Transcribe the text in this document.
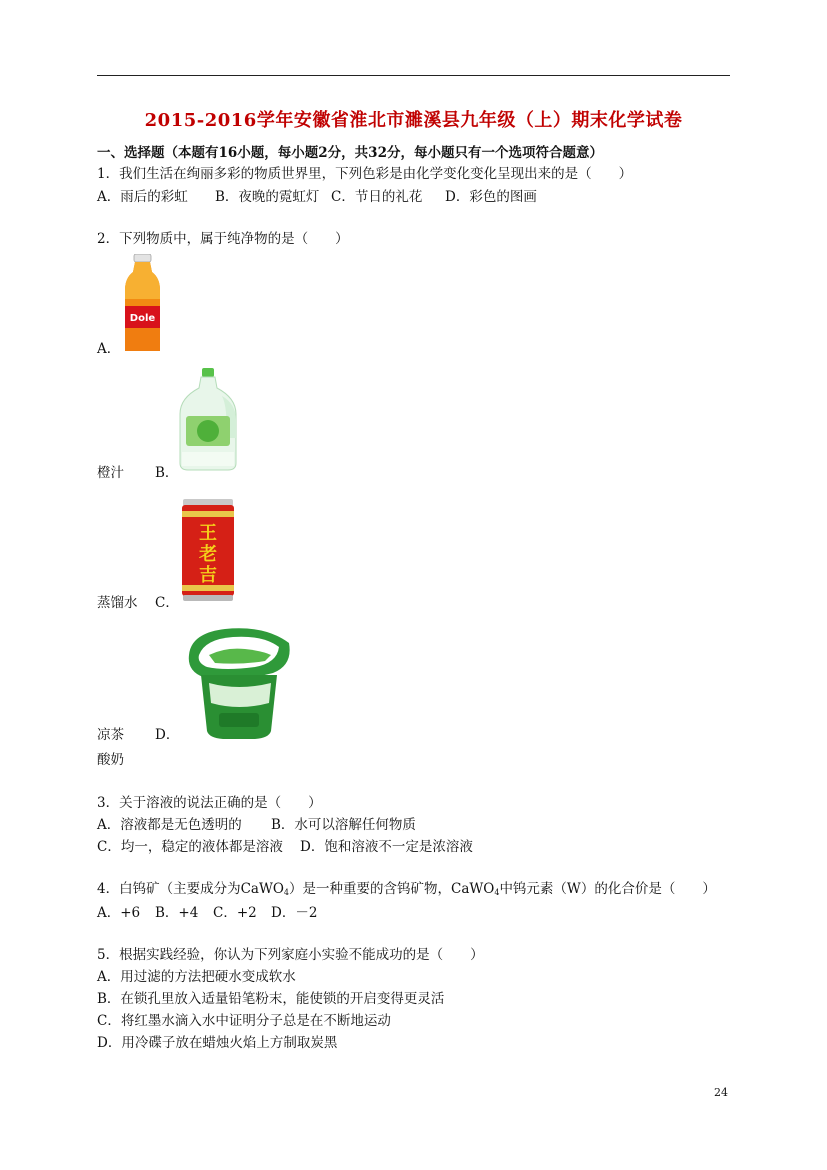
2015-2016学年安徽省淮北市濉溪县九年级（上）期末化学试卷
一、选择题（本题有16小题，每小题2分，共32分，每小题只有一个选项符合题意）
1．我们生活在绚丽多彩的物质世界里，下列色彩是由化学变化变化呈现出来的是（　　）
A．雨后的彩虹 B．夜晚的霓虹灯 C．节日的礼花 D．彩色的图画
2．下列物质中，属于纯净物的是（　　）
Dole
A．
橙汁 B．
王
老
吉
蒸馏水 C．
凉茶 D．
酸奶
3．关于溶液的说法正确的是（　　）
A．溶液都是无色透明的 B．水可以溶解任何物质
C．均一，稳定的液体都是溶液 D．饱和溶液不一定是浓溶液
4．白钨矿（主要成分为CaWO$_4$）是一种重要的含钨矿物，CaWO$_4$中钨元素（W）的化合价是（　　）
A．+6 B．+4 C．+2 D．－2
5．根据实践经验，你认为下列家庭小实验不能成功的是（　　）
A．用过滤的方法把硬水变成软水
B．在锁孔里放入适量铅笔粉末，能使锁的开启变得更灵活
C．将红墨水滴入水中证明分子总是在不断地运动
D．用冷碟子放在蜡烛火焰上方制取炭黑
24
